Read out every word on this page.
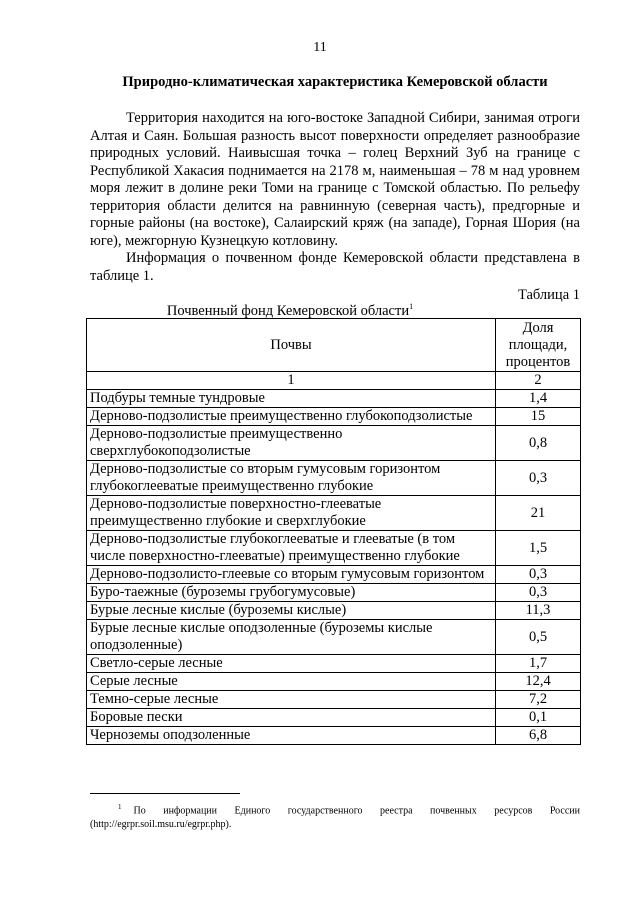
11
Природно-климатическая характеристика Кемеровской области

Территория находится на юго-востоке Западной Сибири, занимая отроги Алтая и Саян. Большая разность высот поверхности определяет разнообразие природных условий. Наивысшая точка – голец Верхний Зуб на границе с Республикой Хакасия поднимается на 2178 м, наименьшая – 78 м над уровнем моря лежит в долине реки Томи на границе с Томской областью. По рельефу территория области делится на равнинную (северная часть), предгорные и горные районы (на востоке), Салаирский кряж (на западе), Горная Шория (на юге), межгорную Кузнецкую котловину.

Информация о почвенном фонде Кемеровской области представлена в таблице 1.

Таблица 1
Почвенный фонд Кемеровской области$^1$
Почвы	Доля площади, процентов
1	2
Подбуры темные тундровые	1,4
Дерново-подзолистые преимущественно глубокоподзолистые	15
Дерново-подзолистые преимущественно сверхглубокоподзолистые	0,8
Дерново-подзолистые со вторым гумусовым горизонтом глубокоглееватые преимущественно глубокие	0,3
Дерново-подзолистые поверхностно-глееватые преимущественно глубокие и сверхглубокие	21
Дерново-подзолистые глубокоглееватые и глееватые (в том числе поверхностно-глееватые) преимущественно глубокие	1,5
Дерново-подзолисто-глеевые со вторым гумусовым горизонтом	0,3
Буро-таежные (буроземы грубогумусовые)	0,3
Бурые лесные кислые (буроземы кислые)	11,3
Бурые лесные кислые оподзоленные (буроземы кислые оподзоленные)	0,5
Светло-серые лесные	1,7
Серые лесные	12,4
Темно-серые лесные	7,2
Боровые пески	0,1
Черноземы оподзоленные	6,8

$^1$ По информации Единого государственного реестра почвенных ресурсов России

(http://egrpr.soil.msu.ru/egrpr.php).
